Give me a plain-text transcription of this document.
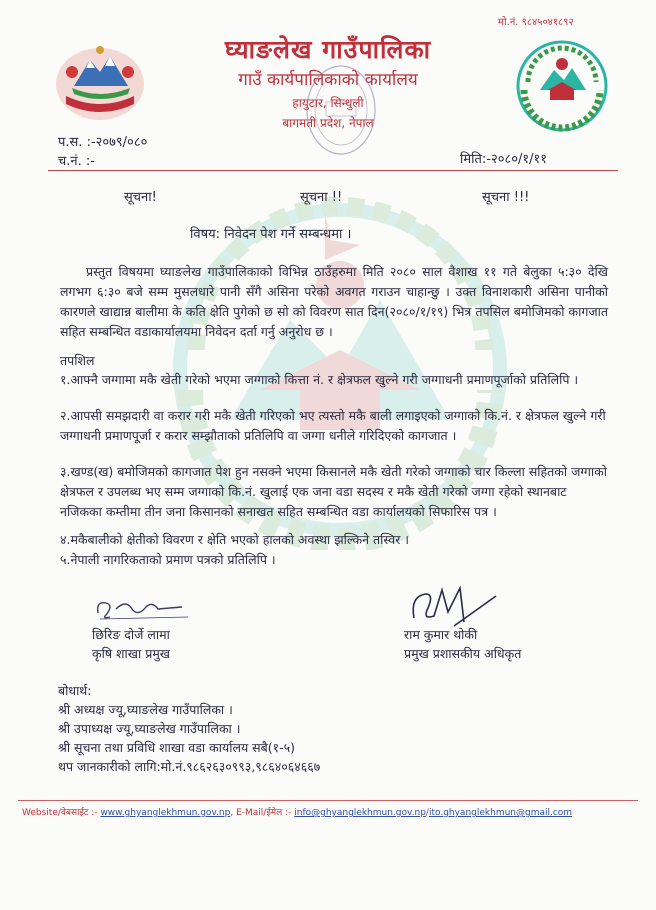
मो.नं. ९८४५०४१८९२
घ्याङलेख गाउँपालिका
गाउँ कार्यपालिकाको कार्यालय
हायुटार, सिन्धुली
बागमती प्रदेश, नेपाल
प.स. :-२०७९/०८०
च.नं. :-	मिति:-२०८०/१/११
सूचना!	सूचना !!	सूचना !!!
विषय: निवेदन पेश गर्ने सम्बन्धमा ।

प्रस्तुत विषयमा घ्याङलेख गाउँपालिकाको विभिन्न ठाउँहरुमा मिति २०८० साल वैशाख ११ गते बेलुका ५:३० देखि लगभग ६:३० बजे सम्म मुसलधारे पानी सँगै असिना परेको अवगत गराउन चाहान्छु । उक्त विनाशकारी असिना पानीको कारणले खाद्यान्न बालीमा के कति क्षेति पुगेको छ सो को विवरण सात दिन(२०८०/१/१९) भित्र तपसिल बमोजिमको कागजात सहित सम्बन्धित वडाकार्यालयमा निवेदन दर्ता गर्नु अनुरोध छ ।

तपशिल
१.आफ्नै जग्गामा मकै खेती गरेको भएमा जग्गाको कित्ता नं. र क्षेत्रफल खुल्ने गरी जग्गाधनी प्रमाणपूर्जाको प्रतिलिपि ।
२.आपसी समझदारी वा करार गरी मकै खेती गरिएको भए त्यस्तो मकै बाली लगाइएको जग्गाको कि.नं. र क्षेत्रफल खुल्ने गरी जग्गाधनी प्रमाणपूर्जा र करार सम्झौताको प्रतिलिपि वा जग्गा धनीले गरिदिएको कागजात ।
३.खण्ड(ख) बमोजिमको कागजात पेश हुन नसक्ने भएमा किसानले मकै खेती गरेको जग्गाको चार किल्ला सहितको जग्गाको क्षेत्रफल र उपलब्ध भए सम्म जग्गाको कि.नं. खुलाई एक जना वडा सदस्य र मकै खेती गरेको जग्गा रहेको स्थानबाट नजिकका कम्तीमा तीन जना किसानको सनाखत सहित सम्बन्धित वडा कार्यालयको सिफारिस पत्र ।
४.मकैबालीको क्षेतीको विवरण र क्षेति भएको हालको अवस्था झल्किने तस्विर ।
५.नेपाली नागरिकताको प्रमाण पत्रको प्रतिलिपि ।
छिरिङ दोर्जे लामा
कृषि शाखा प्रमुख
राम कुमार थोकी
प्रमुख प्रशासकीय अधिकृत
बोधार्थ:
श्री अध्यक्ष ज्यू,घ्याङलेख गाउँपालिका ।
श्री उपाध्यक्ष ज्यू,घ्याङलेख गाउँपालिका ।
श्री सूचना तथा प्रविधि शाखा वडा कार्यालय सबै(१-५)
थप जानकारीको लागि:मो.नं.९८६२६३०९९३,९८६४०६४६६७
Website/वेबसाईट :- www.ghyanglekhmun.gov.np, E-Mail/ईमेल :- info@ghyanglekhmun.gov.np/ito.ghyanglekhmun@gmail.com
